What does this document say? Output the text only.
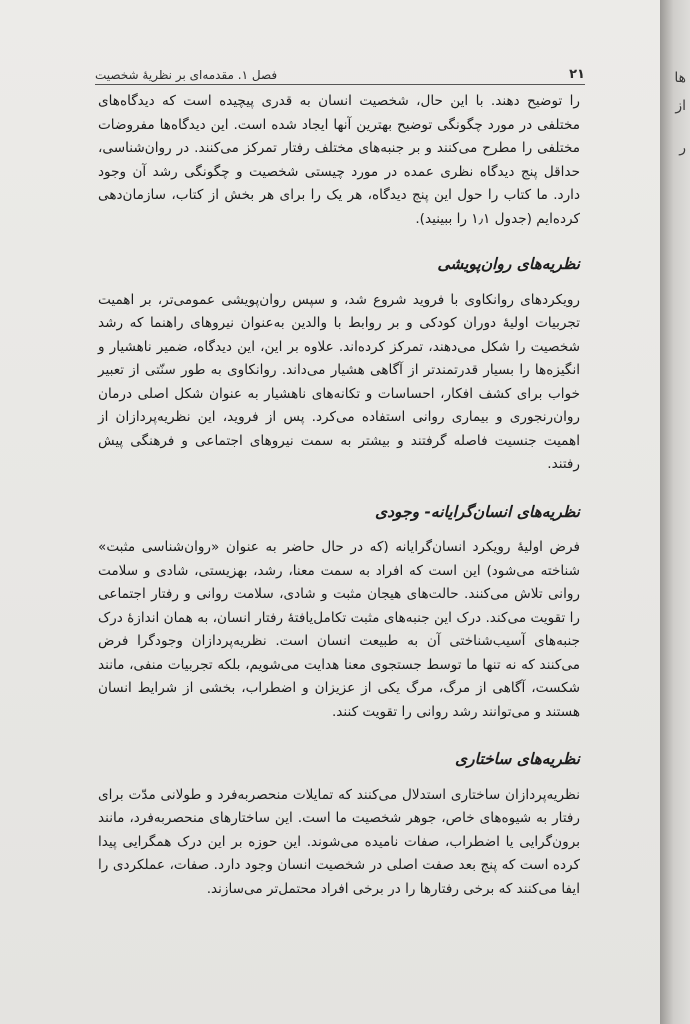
۲۱
فصل ۱. مقدمه‌ای بر نظریهٔ شخصیت

را توضیح دهند. با این حال، شخصیت انسان به قدری پیچیده است که دیدگاه‌های مختلفی در مورد چگونگی توضیح بهترین آنها ایجاد شده است. این دیدگاه‌ها مفروضات مختلفی را مطرح می‌کنند و بر جنبه‌های مختلف رفتار تمرکز می‌کنند. در روان‌شناسی، حداقل پنج دیدگاه نظری عمده در مورد چیستی شخصیت و چگونگی رشد آن وجود دارد. ما کتاب را حول این پنج دیدگاه، هر یک را برای هر بخش از کتاب، سازمان‌دهی کرده‌ایم (جدول ۱٫۱ را ببینید).

نظریه‌های روان‌پویشی

رویکردهای روانکاوی با فروید شروع شد، و سپس روان‌پویشی عمومی‌تر، بر اهمیت تجربیات اولیهٔ دوران کودکی و بر روابط با والدین به‌عنوان نیروهای راهنما که رشد شخصیت را شکل می‌دهند، تمرکز کرده‌اند. علاوه بر این، این دیدگاه، ضمیر ناهشیار و انگیزه‌ها را بسیار قدرتمندتر از آگاهی هشیار می‌داند. روانکاوی به طور سنّتی از تعبیر خواب برای کشف افکار، احساسات و تکانه‌های ناهشیار به عنوان شکل اصلی درمان روان‌رنجوری و بیماری روانی استفاده می‌کرد. پس از فروید، این نظریه‌پردازان از اهمیت جنسیت فاصله گرفتند و بیشتر به سمت نیروهای اجتماعی و فرهنگی پیش رفتند.

نظریه‌های انسان‌گرایانه- وجودی

فرض اولیهٔ رویکرد انسان‌گرایانه (که در حال حاضر به عنوان «روان‌شناسی مثبت» شناخته می‌شود) این است که افراد به سمت معنا، رشد، بهزیستی، شادی و سلامت روانی تلاش می‌کنند. حالت‌های هیجان مثبت و شادی، سلامت روانی و رفتار اجتماعی را تقویت می‌کند. درک این جنبه‌های مثبت تکامل‌یافتهٔ رفتار انسان، به همان اندازهٔ درک جنبه‌های آسیب‌شناختی آن به طبیعت انسان است. نظریه‌پردازان وجودگرا فرض می‌کنند که نه تنها ما توسط جستجوی معنا هدایت می‌شویم، بلکه تجربیات منفی، مانند شکست، آگاهی از مرگ، مرگ یکی از عزیزان و اضطراب، بخشی از شرایط انسان هستند و می‌توانند رشد روانی را تقویت کنند.

نظریه‌های ساختاری

نظریه‌پردازان ساختاری استدلال می‌کنند که تمایلات منحصربه‌فرد و طولانی مدّت برای رفتار به شیوه‌های خاص، جوهر شخصیت ما است. این ساختارهای منحصربه‌فرد، مانند برون‌گرایی یا اضطراب، صفات نامیده می‌شوند. این حوزه بر این درک همگرایی پیدا کرده است که پنج بعد صفت اصلی در شخصیت انسان وجود دارد. صفات، عملکردی را ایفا می‌کنند که برخی رفتارها را در برخی افراد محتمل‌تر می‌سازند.

ها
از
ر
